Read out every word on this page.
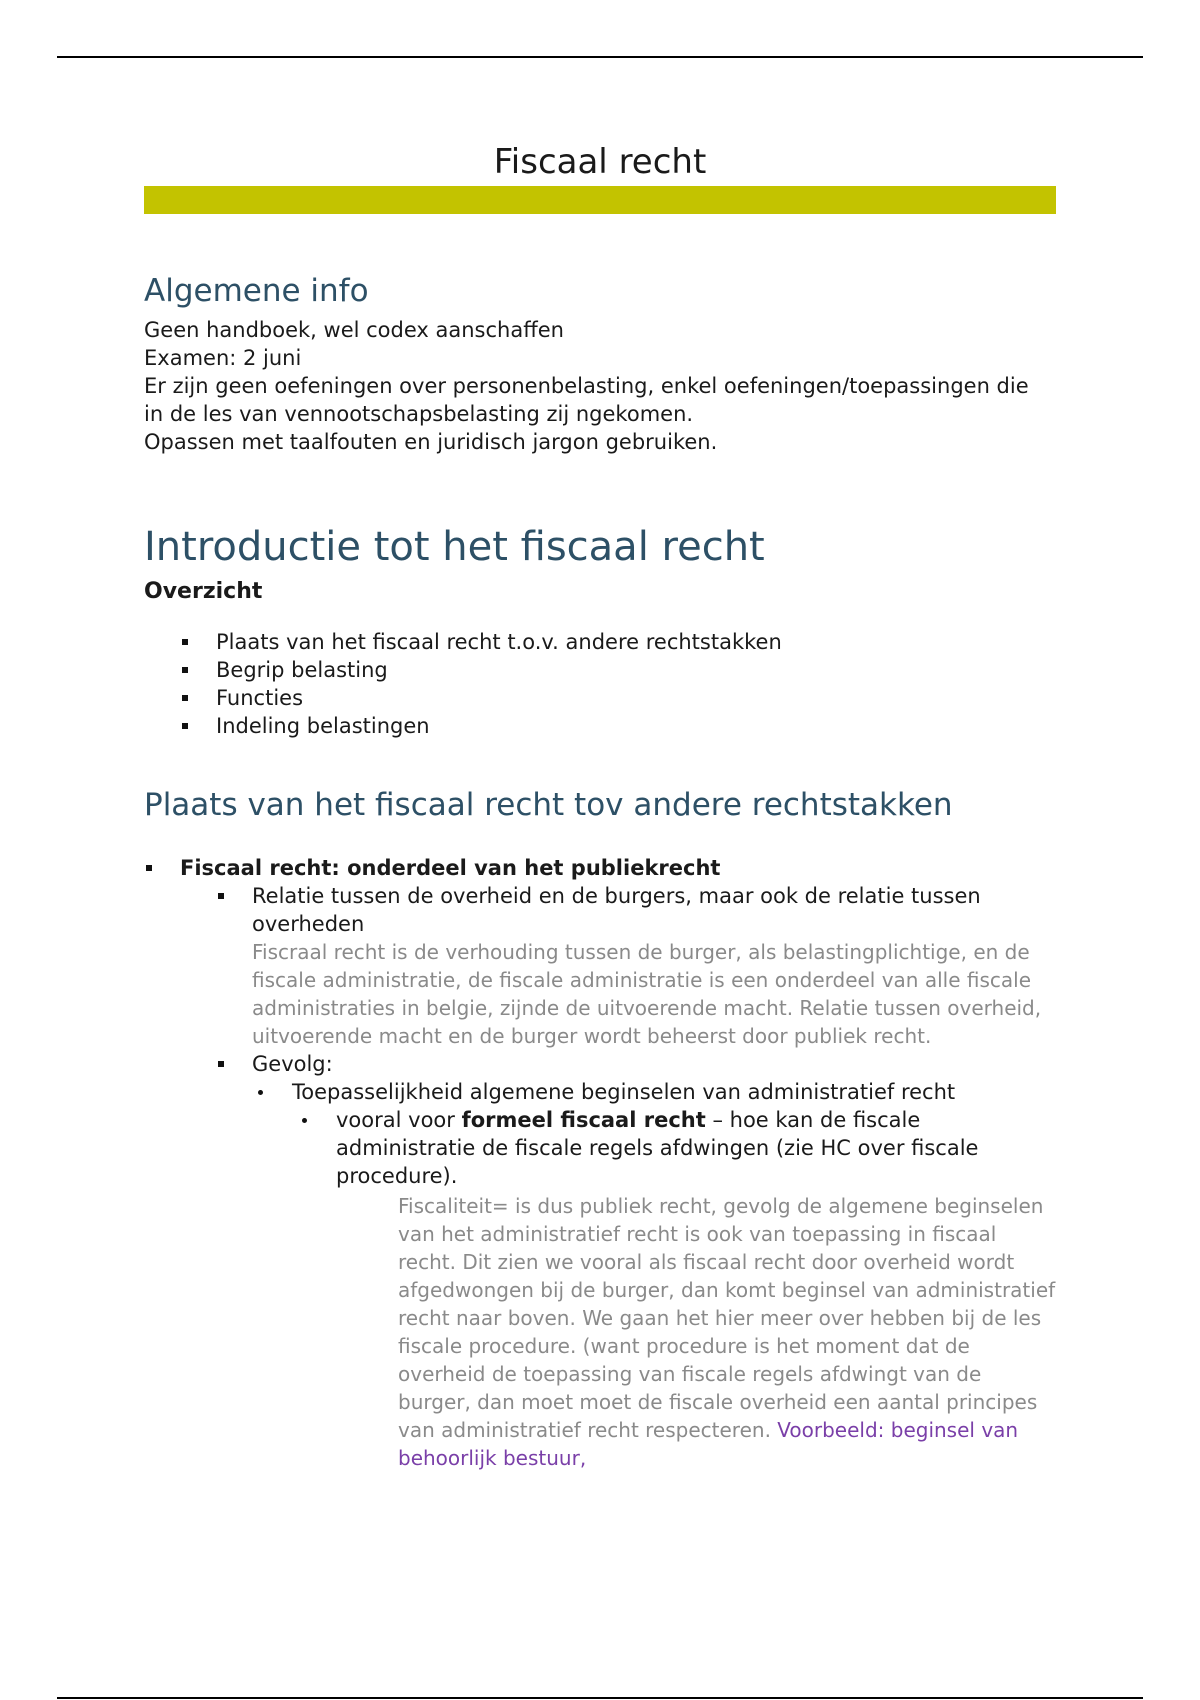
Fiscaal recht
Algemene info

Geen handboek, wel codex aanschaffen

Examen: 2 juni

Er zijn geen oefeningen over personenbelasting, enkel oefeningen/toepassingen die in de les van vennootschapsbelasting zij ngekomen.

Opassen met taalfouten en juridisch jargon gebruiken.

Introductie tot het fiscaal recht

Overzicht

Plaats van het fiscaal recht t.o.v. andere rechtstakken
Begrip belasting
Functies
Indeling belastingen
Plaats van het fiscaal recht tov andere rechtstakken
Fiscaal recht: onderdeel van het publiekrecht
Relatie tussen de overheid en de burgers, maar ook de relatie tussen overheden
Fiscraal recht is de verhouding tussen de burger, als belastingplichtige, en de fiscale administratie, de fiscale administratie is een onderdeel van alle fiscale administraties in belgie, zijnde de uitvoerende macht. Relatie tussen overheid, uitvoerende macht en de burger wordt beheerst door publiek recht.
Gevolg:
Toepasselijkheid algemene beginselen van administratief recht
vooral voor formeel fiscaal recht – hoe kan de fiscale administratie de fiscale regels afdwingen (zie HC over fiscale procedure).
Fiscaliteit= is dus publiek recht, gevolg de algemene beginselen van het administratief recht is ook van toepassing in fiscaal recht. Dit zien we vooral als fiscaal recht door overheid wordt afgedwongen bij de burger, dan komt beginsel van administratief recht naar boven. We gaan het hier meer over hebben bij de les fiscale procedure. (want procedure is het moment dat de overheid de toepassing van fiscale regels afdwingt van de burger, dan moet moet de fiscale overheid een aantal principes van administratief recht respecteren. Voorbeeld: beginsel van behoorlijk bestuur,
